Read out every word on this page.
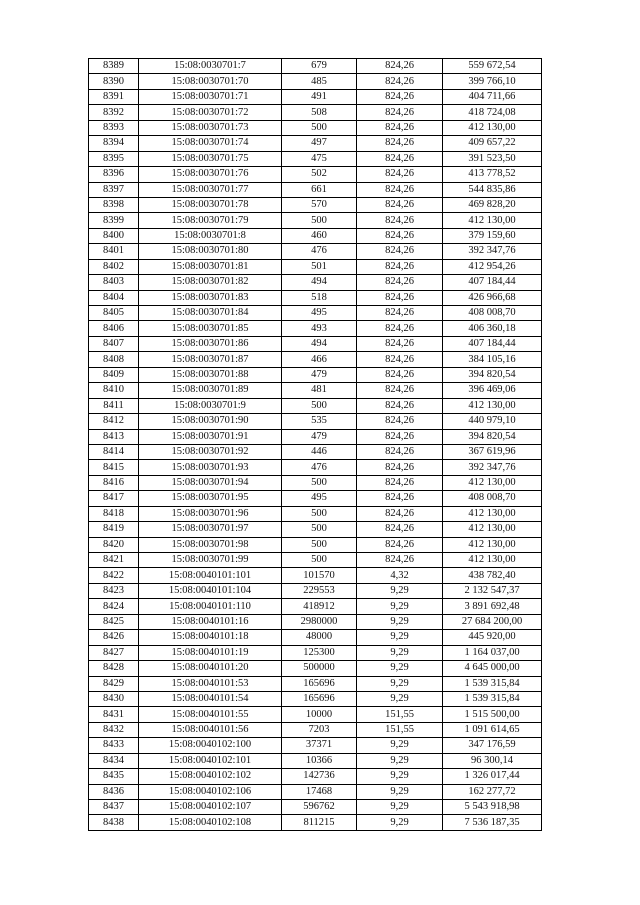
8389	15:08:0030701:7	679	824,26	559 672,54
8390	15:08:0030701:70	485	824,26	399 766,10
8391	15:08:0030701:71	491	824,26	404 711,66
8392	15:08:0030701:72	508	824,26	418 724,08
8393	15:08:0030701:73	500	824,26	412 130,00
8394	15:08:0030701:74	497	824,26	409 657,22
8395	15:08:0030701:75	475	824,26	391 523,50
8396	15:08:0030701:76	502	824,26	413 778,52
8397	15:08:0030701:77	661	824,26	544 835,86
8398	15:08:0030701:78	570	824,26	469 828,20
8399	15:08:0030701:79	500	824,26	412 130,00
8400	15:08:0030701:8	460	824,26	379 159,60
8401	15:08:0030701:80	476	824,26	392 347,76
8402	15:08:0030701:81	501	824,26	412 954,26
8403	15:08:0030701:82	494	824,26	407 184,44
8404	15:08:0030701:83	518	824,26	426 966,68
8405	15:08:0030701:84	495	824,26	408 008,70
8406	15:08:0030701:85	493	824,26	406 360,18
8407	15:08:0030701:86	494	824,26	407 184,44
8408	15:08:0030701:87	466	824,26	384 105,16
8409	15:08:0030701:88	479	824,26	394 820,54
8410	15:08:0030701:89	481	824,26	396 469,06
8411	15:08:0030701:9	500	824,26	412 130,00
8412	15:08:0030701:90	535	824,26	440 979,10
8413	15:08:0030701:91	479	824,26	394 820,54
8414	15:08:0030701:92	446	824,26	367 619,96
8415	15:08:0030701:93	476	824,26	392 347,76
8416	15:08:0030701:94	500	824,26	412 130,00
8417	15:08:0030701:95	495	824,26	408 008,70
8418	15:08:0030701:96	500	824,26	412 130,00
8419	15:08:0030701:97	500	824,26	412 130,00
8420	15:08:0030701:98	500	824,26	412 130,00
8421	15:08:0030701:99	500	824,26	412 130,00
8422	15:08:0040101:101	101570	4,32	438 782,40
8423	15:08:0040101:104	229553	9,29	2 132 547,37
8424	15:08:0040101:110	418912	9,29	3 891 692,48
8425	15:08:0040101:16	2980000	9,29	27 684 200,00
8426	15:08:0040101:18	48000	9,29	445 920,00
8427	15:08:0040101:19	125300	9,29	1 164 037,00
8428	15:08:0040101:20	500000	9,29	4 645 000,00
8429	15:08:0040101:53	165696	9,29	1 539 315,84
8430	15:08:0040101:54	165696	9,29	1 539 315,84
8431	15:08:0040101:55	10000	151,55	1 515 500,00
8432	15:08:0040101:56	7203	151,55	1 091 614,65
8433	15:08:0040102:100	37371	9,29	347 176,59
8434	15:08:0040102:101	10366	9,29	96 300,14
8435	15:08:0040102:102	142736	9,29	1 326 017,44
8436	15:08:0040102:106	17468	9,29	162 277,72
8437	15:08:0040102:107	596762	9,29	5 543 918,98
8438	15:08:0040102:108	811215	9,29	7 536 187,35
